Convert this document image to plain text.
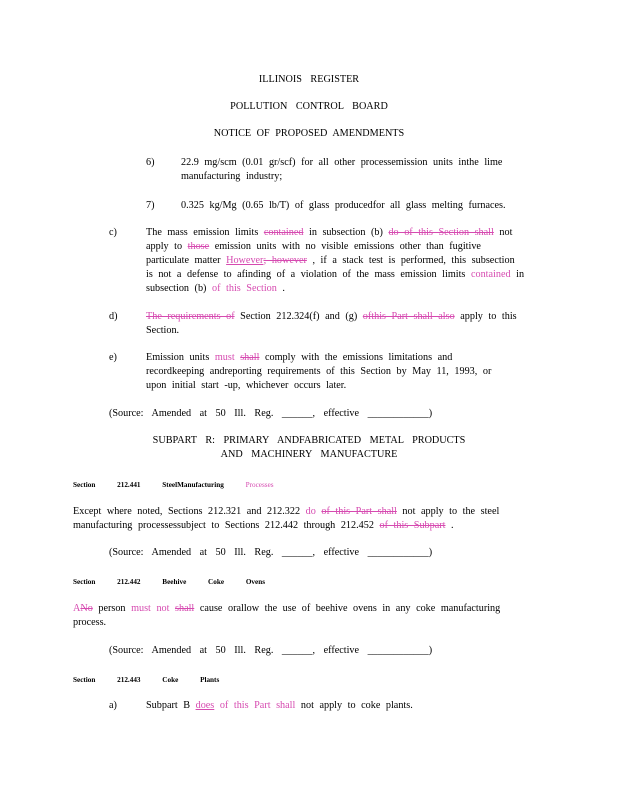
ILLINOIS REGISTER
POLLUTION CONTROL BOARD
NOTICE OF PROPOSED AMENDMENTS
6)	22.9 mg/scm (0.01 gr/scf) for all other processemission units inthe lime
manufacturing industry;
7)	0.325 kg/Mg (0.65 lb/T) of glass producedfor all glass melting furnaces.
c)	The mass emission limits contained in subsection (b) do of this Section shall not
apply to those emission units with no visible emissions other than fugitive
particulate matter However; however , if a stack test is performed, this subsection
is not a defense to afinding of a violation of the mass emission limits contained in
subsection (b) of this Section .
d)	The requirements of Section 212.324(f) and (g) ofthis Part shall also apply to this
Section.
e)	Emission units must shall comply with the emissions limitations and
recordkeeping andreporting requirements of this Section by May 11, 1993, or
upon initial start -up, whichever occurs later.
(Source: Amended at 50 Ill. Reg. ______, effective ____________)
SUBPART R: PRIMARY ANDFABRICATED METAL PRODUCTS
AND MACHINERY MANUFACTURE
Section 212.441 SteelManufacturing	Processes
Except where noted, Sections 212.321 and 212.322 do of this Part shall not apply to the steel
manufacturing processessubject to Sections 212.442 through 212.452 of this Subpart .
(Source: Amended at 50 Ill. Reg. ______, effective ____________)
Section 212.442 Beehive Coke Ovens
ANo person must not shall cause orallow the use of beehive ovens in any coke manufacturing
process.
(Source: Amended at 50 Ill. Reg. ______, effective ____________)
Section 212.443 Coke Plants
a)	Subpart B does of this Part shall not apply to coke plants.
